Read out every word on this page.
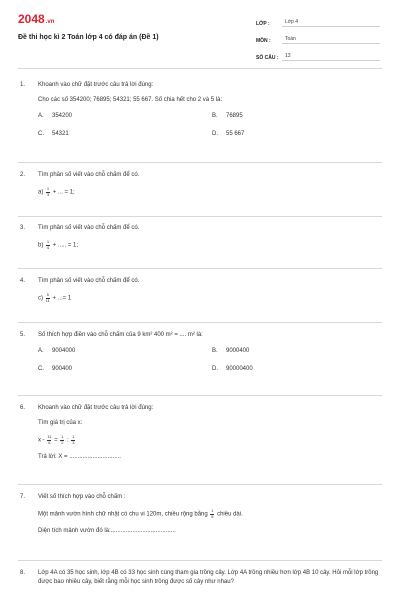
2048.vn
Đề thi học kì 2 Toán lớp 4 có đáp án (Đề 1)
LỚP :	Lớp 4
MÔN :	Toán
SỐ CÂU :	13
1.	Khoanh vào chữ đặt trước câu trả lời đúng:
Cho các số 354200; 76895; 54321; 55 667. Số chia hết cho 2 và 5 là:
A. 354200	B. 76895
C. 54321	D. 55 667
2.	Tìm phân số viết vào chỗ chấm để có.
$a) \frac{1}{3}$ + ... = 1;
3.	Tìm phân số viết vào chỗ chấm để có.
$b) \frac{1}{4}$ + ..... = 1;
4.	Tìm phân số viết vào chỗ chấm để có.
$c) \frac{5}{11}$ + ...= 1
5.	Số thích hợp điền vào chỗ chấm của 9 km² 400 m² = .... m² là:
A. 9004000	B. 9000400
C. 900400	D. 90000400
6.	Khoanh vào chữ đặt trước câu trả lời đúng:
Tìm giá trị của x:
$x - \frac{11}{6} = \frac{1}{2}$ : $\frac{1}{3}$
Trả lời: X = ...............................
7.	Viết số thích hợp vào chỗ chấm :
Một mảnh vườn hình chữ nhật có chu vi 120m, chiều rộng bằng $\frac{1}{5}$ chiều dài.
Diện tích mảnh vườn đó là:.......................................
8.	Lớp 4A có 35 học sinh, lớp 4B có 33 học sinh cùng tham gia trồng cây. Lớp 4A trồng nhiều hơn lớp 4B 10 cây. Hỏi mỗi lớp trồng được bao nhiêu cây, biết rằng mỗi học sinh trồng được số cây như nhau?
